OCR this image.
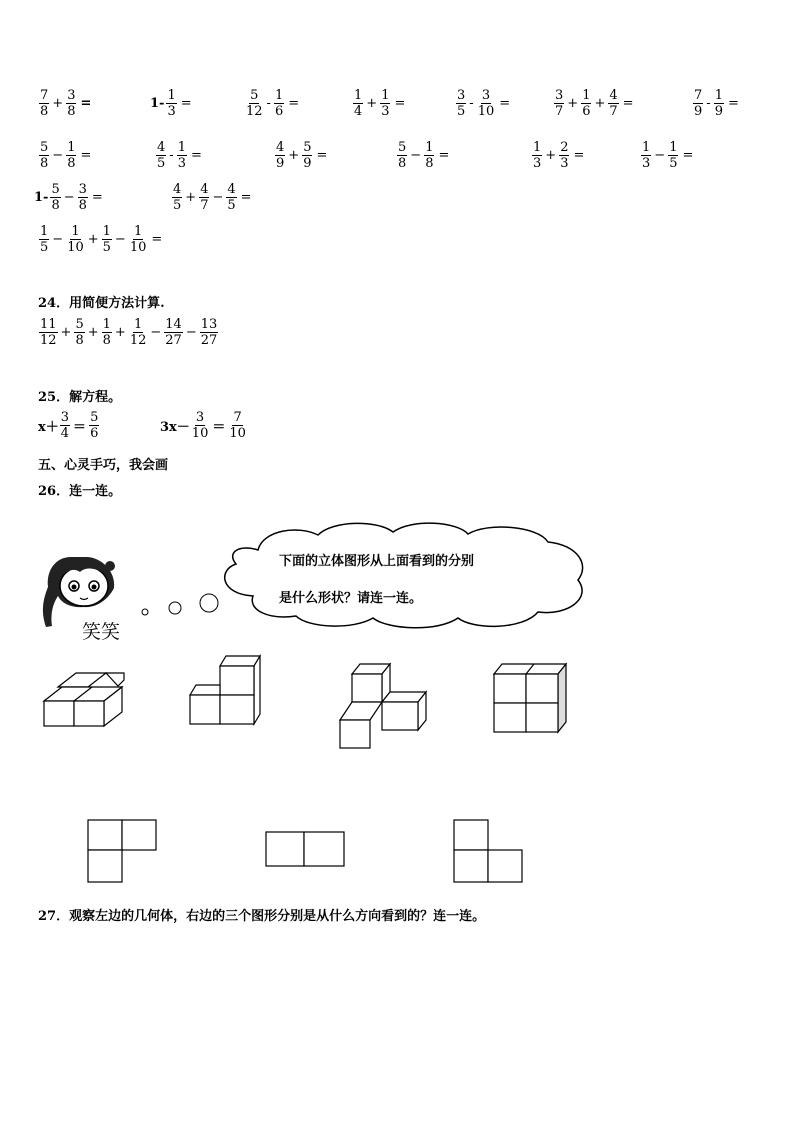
$\frac{7}{8} + \frac{3}{8}$ =	$1- \frac{1}{3}$ =	$\frac{5}{12} - \frac{1}{6}$ =	$\frac{1}{4} + \frac{1}{3}$ =	$\frac{3}{5} - \frac{3}{10}$ =	$\frac{3}{7} + \frac{1}{6} + \frac{4}{7}$ =	$\frac{7}{9} - \frac{1}{9}$ =
$\frac{5}{8} - \frac{1}{8}$ =	$\frac{4}{5} - \frac{1}{3}$ =	$\frac{4}{9} + \frac{5}{9}$ =	$\frac{5}{8} - \frac{1}{8}$ =	$\frac{1}{3} + \frac{2}{3}$ =	$\frac{1}{3} - \frac{1}{5}$ =
$1- \frac{5}{8} - \frac{3}{8}$ =	$\frac{4}{5} + \frac{4}{7} - \frac{4}{5}$ =
$\frac{1}{5} - \frac{1}{10} + \frac{1}{5} - \frac{1}{10}$ =
24．用简便方法计算.
$\frac{11}{12} + \frac{5}{8} + \frac{1}{8} + \frac{1}{12} - \frac{14}{27} - \frac{13}{27}$
25．解方程。
$x+ \frac{3}{4} = \frac{5}{6}$	$3x- \frac{3}{10} = \frac{7}{10}$
五、心灵手巧，我会画
26．连一连。
笑笑
下面的立体图形从上面看到的分别
是什么形状？请连一连。
27．观察左边的几何体，右边的三个图形分别是从什么方向看到的？连一连。
